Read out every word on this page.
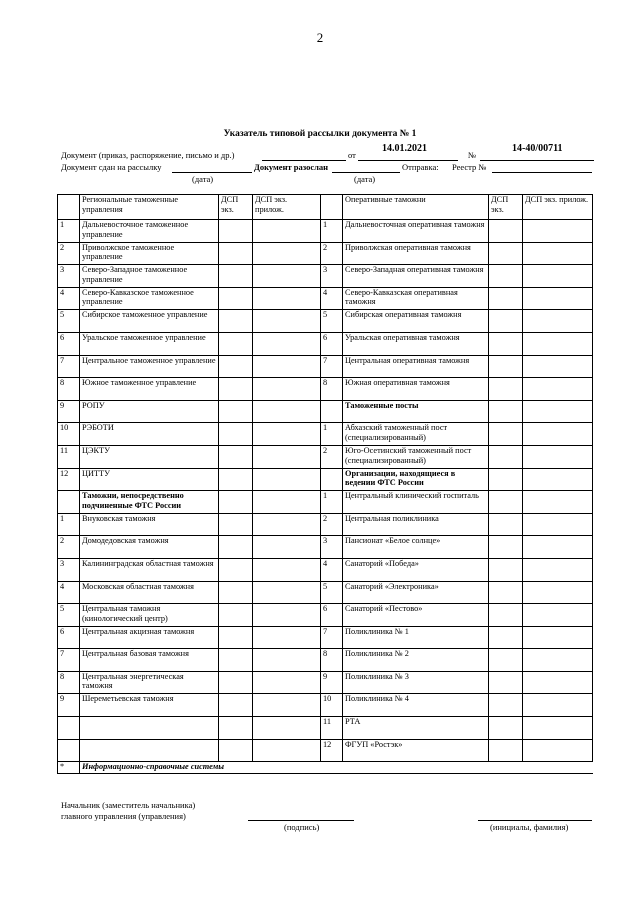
2
Указатель типовой рассылки документа № 1
Документ (приказ, распоряжение, письмо и др.)	от
14.01.2021
№
14-40/00711
Документ сдан на рассылку	Документ разослан	Отправка: Реестр №
(дата)	(дата)
	Региональные таможенные управления	ДСП экз.	ДСП экз. прилож.		Оперативные таможни	ДСП экз.	ДСП экз. прилож.
1	Дальневосточное таможенное управление			1	Дальневосточная оперативная таможня		
2	Приволжское таможенное управление			2	Приволжская оперативная таможня		
3	Северо-Западное таможенное управление			3	Северо-Западная оперативная таможня		
4	Северо-Кавказское таможенное управление			4	Северо-Кавказская оперативная таможня		
5	Сибирское таможенное управление			5	Сибирская оперативная таможня		
6	Уральское таможенное управление			6	Уральская оперативная таможня		
7	Центральное таможенное управление			7	Центральная оперативная таможня		
8	Южное таможенное управление			8	Южная оперативная таможня		
9	РОПУ				Таможенные посты		
10	РЭБОТИ			1	Абхазский таможенный пост (специализированный)		
11	ЦЭКТУ			2	Юго-Осетинский таможенный пост (специализированный)		
12	ЦИТТУ				Организации, находящиеся в ведении ФТС России		
	Таможни, непосредственно подчиненные ФТС России			1	Центральный клинический госпиталь		
1	Внуковская таможня			2	Центральная поликлиника		
2	Домодедовская таможня			3	Пансионат «Белое солнце»		
3	Калининградская областная таможня			4	Санаторий «Победа»		
4	Московская областная таможня			5	Санаторий «Электроника»		
5	Центральная таможня (кинологический центр)			6	Санаторий «Пестово»		
6	Центральная акцизная таможня			7	Поликлиника № 1		
7	Центральная базовая таможня			8	Поликлиника № 2		
8	Центральная энергетическая таможня			9	Поликлиника № 3		
9	Шереметьевская таможня			10	Поликлиника № 4		
				11	РТА		
				12	ФГУП «Ростэк»		
*	Информационно-справочные системы						
Начальник (заместитель начальника)
главного управления (управления)
(подпись)	(инициалы, фамилия)
